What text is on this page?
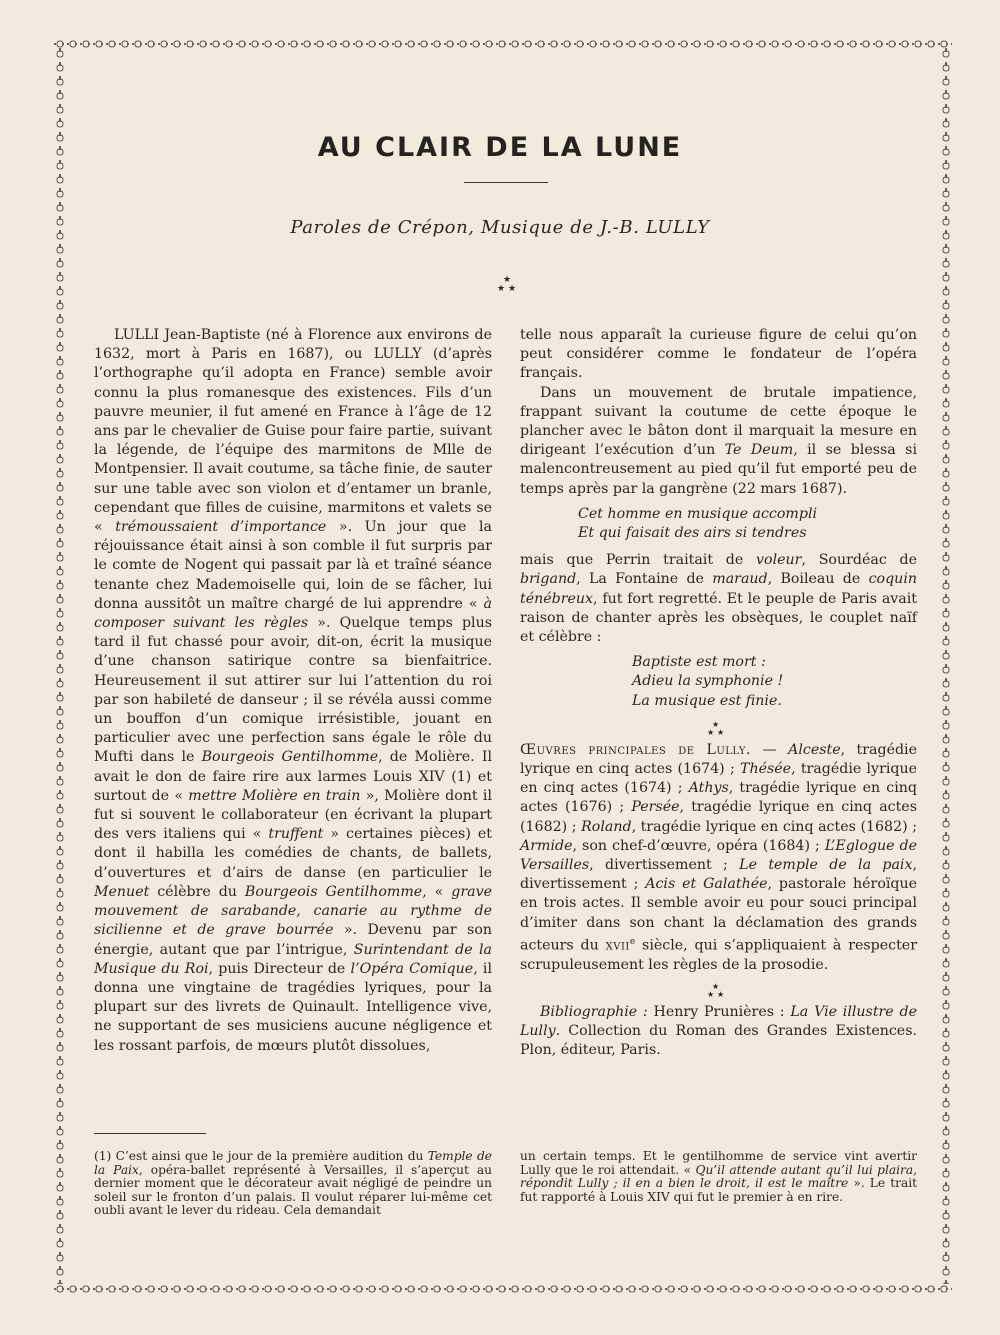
AU CLAIR DE LA LUNE
Paroles de Crépon, Musique de J.-B. LULLY
★
★ ★

LULLI Jean-Baptiste (né à Florence aux environs de 1632, mort à Paris en 1687), ou LULLY (d’après l’orthographe qu’il adopta en France) semble avoir connu la plus romanesque des existences. Fils d’un pauvre meunier, il fut amené en France à l’âge de 12 ans par le chevalier de Guise pour faire partie, suivant la légende, de l’équipe des marmitons de Mlle de Montpensier. Il avait coutume, sa tâche finie, de sauter sur une table avec son violon et d’entamer un branle, cependant que filles de cuisine, marmitons et valets se « trémoussaient d’importance ». Un jour que la réjouissance était ainsi à son comble il fut surpris par le comte de Nogent qui passait par là et traîné séance tenante chez Mademoiselle qui, loin de se fâcher, lui donna aussitôt un maître chargé de lui apprendre « à composer suivant les règles ». Quelque temps plus tard il fut chassé pour avoir, dit-on, écrit la musique d’une chanson satirique contre sa bienfaitrice. Heureusement il sut attirer sur lui l’attention du roi par son habileté de danseur ; il se révéla aussi comme un bouffon d’un comique irrésistible, jouant en particulier avec une perfection sans égale le rôle du Mufti dans le Bourgeois Gentilhomme, de Molière. Il avait le don de faire rire aux larmes Louis XIV (1) et surtout de « mettre Molière en train », Molière dont il fut si souvent le collaborateur (en écrivant la plupart des vers italiens qui « truffent » certaines pièces) et dont il habilla les comédies de chants, de ballets, d’ouvertures et d’airs de danse (en particulier le Menuet célèbre du Bourgeois Gentilhomme, « grave mouvement de sarabande, canarie au rythme de sicilienne et de grave bourrée ». Devenu par son énergie, autant que par l’intrigue, Surintendant de la Musique du Roi, puis Directeur de l’Opéra Comique, il donna une vingtaine de tragédies lyriques, pour la plupart sur des livrets de Quinault. Intelligence vive, ne supportant de ses musiciens aucune négligence et les rossant parfois, de mœurs plutôt dissolues,

telle nous apparaît la curieuse figure de celui qu’on peut considérer comme le fondateur de l’opéra français.

Dans un mouvement de brutale impatience, frappant suivant la coutume de cette époque le plancher avec le bâton dont il marquait la mesure en dirigeant l’exécution d’un Te Deum, il se blessa si malencontreusement au pied qu’il fut emporté peu de temps après par la gangrène (22 mars 1687).

Cet homme en musique accompli
Et qui faisait des airs si tendres

mais que Perrin traitait de voleur, Sourdéac de brigand, La Fontaine de maraud, Boileau de coquin ténébreux, fut fort regretté. Et le peuple de Paris avait raison de chanter après les obsèques, le couplet naïf et célèbre :

Baptiste est mort :
Adieu la symphonie !
La musique est finie.
★
★ ★

Œuvres principales de Lully. — Alceste, tragédie lyrique en cinq actes (1674) ; Thésée, tragédie lyrique en cinq actes (1674) ; Athys, tragédie lyrique en cinq actes (1676) ; Persée, tragédie lyrique en cinq actes (1682) ; Roland, tragédie lyrique en cinq actes (1682) ; Armide, son chef-d’œuvre, opéra (1684) ; L’Eglogue de Versailles, divertissement ; Le temple de la paix, divertissement ; Acis et Galathée, pastorale héroïque en trois actes. Il semble avoir eu pour souci principal d’imiter dans son chant la déclamation des grands acteurs du xvii$^e$ siècle, qui s’appliquaient à respecter scrupuleusement les règles de la prosodie.

★
★ ★

Bibliographie : Henry Prunières : La Vie illustre de Lully. Collection du Roman des Grandes Existences. Plon, éditeur, Paris.

(1) C’est ainsi que le jour de la première audition du Temple de la Paix, opéra-ballet représenté à Versailles, il s’aperçut au dernier moment que le décorateur avait négligé de peindre un soleil sur le fronton d’un palais. Il voulut réparer lui-même cet oubli avant le lever du rideau. Cela demandait

un certain temps. Et le gentilhomme de service vint avertir Lully que le roi attendait. « Qu’il attende autant qu’il lui plaira, répondit Lully ; il en a bien le droit, il est le maître ». Le trait fut rapporté à Louis XIV qui fut le premier à en rire.
